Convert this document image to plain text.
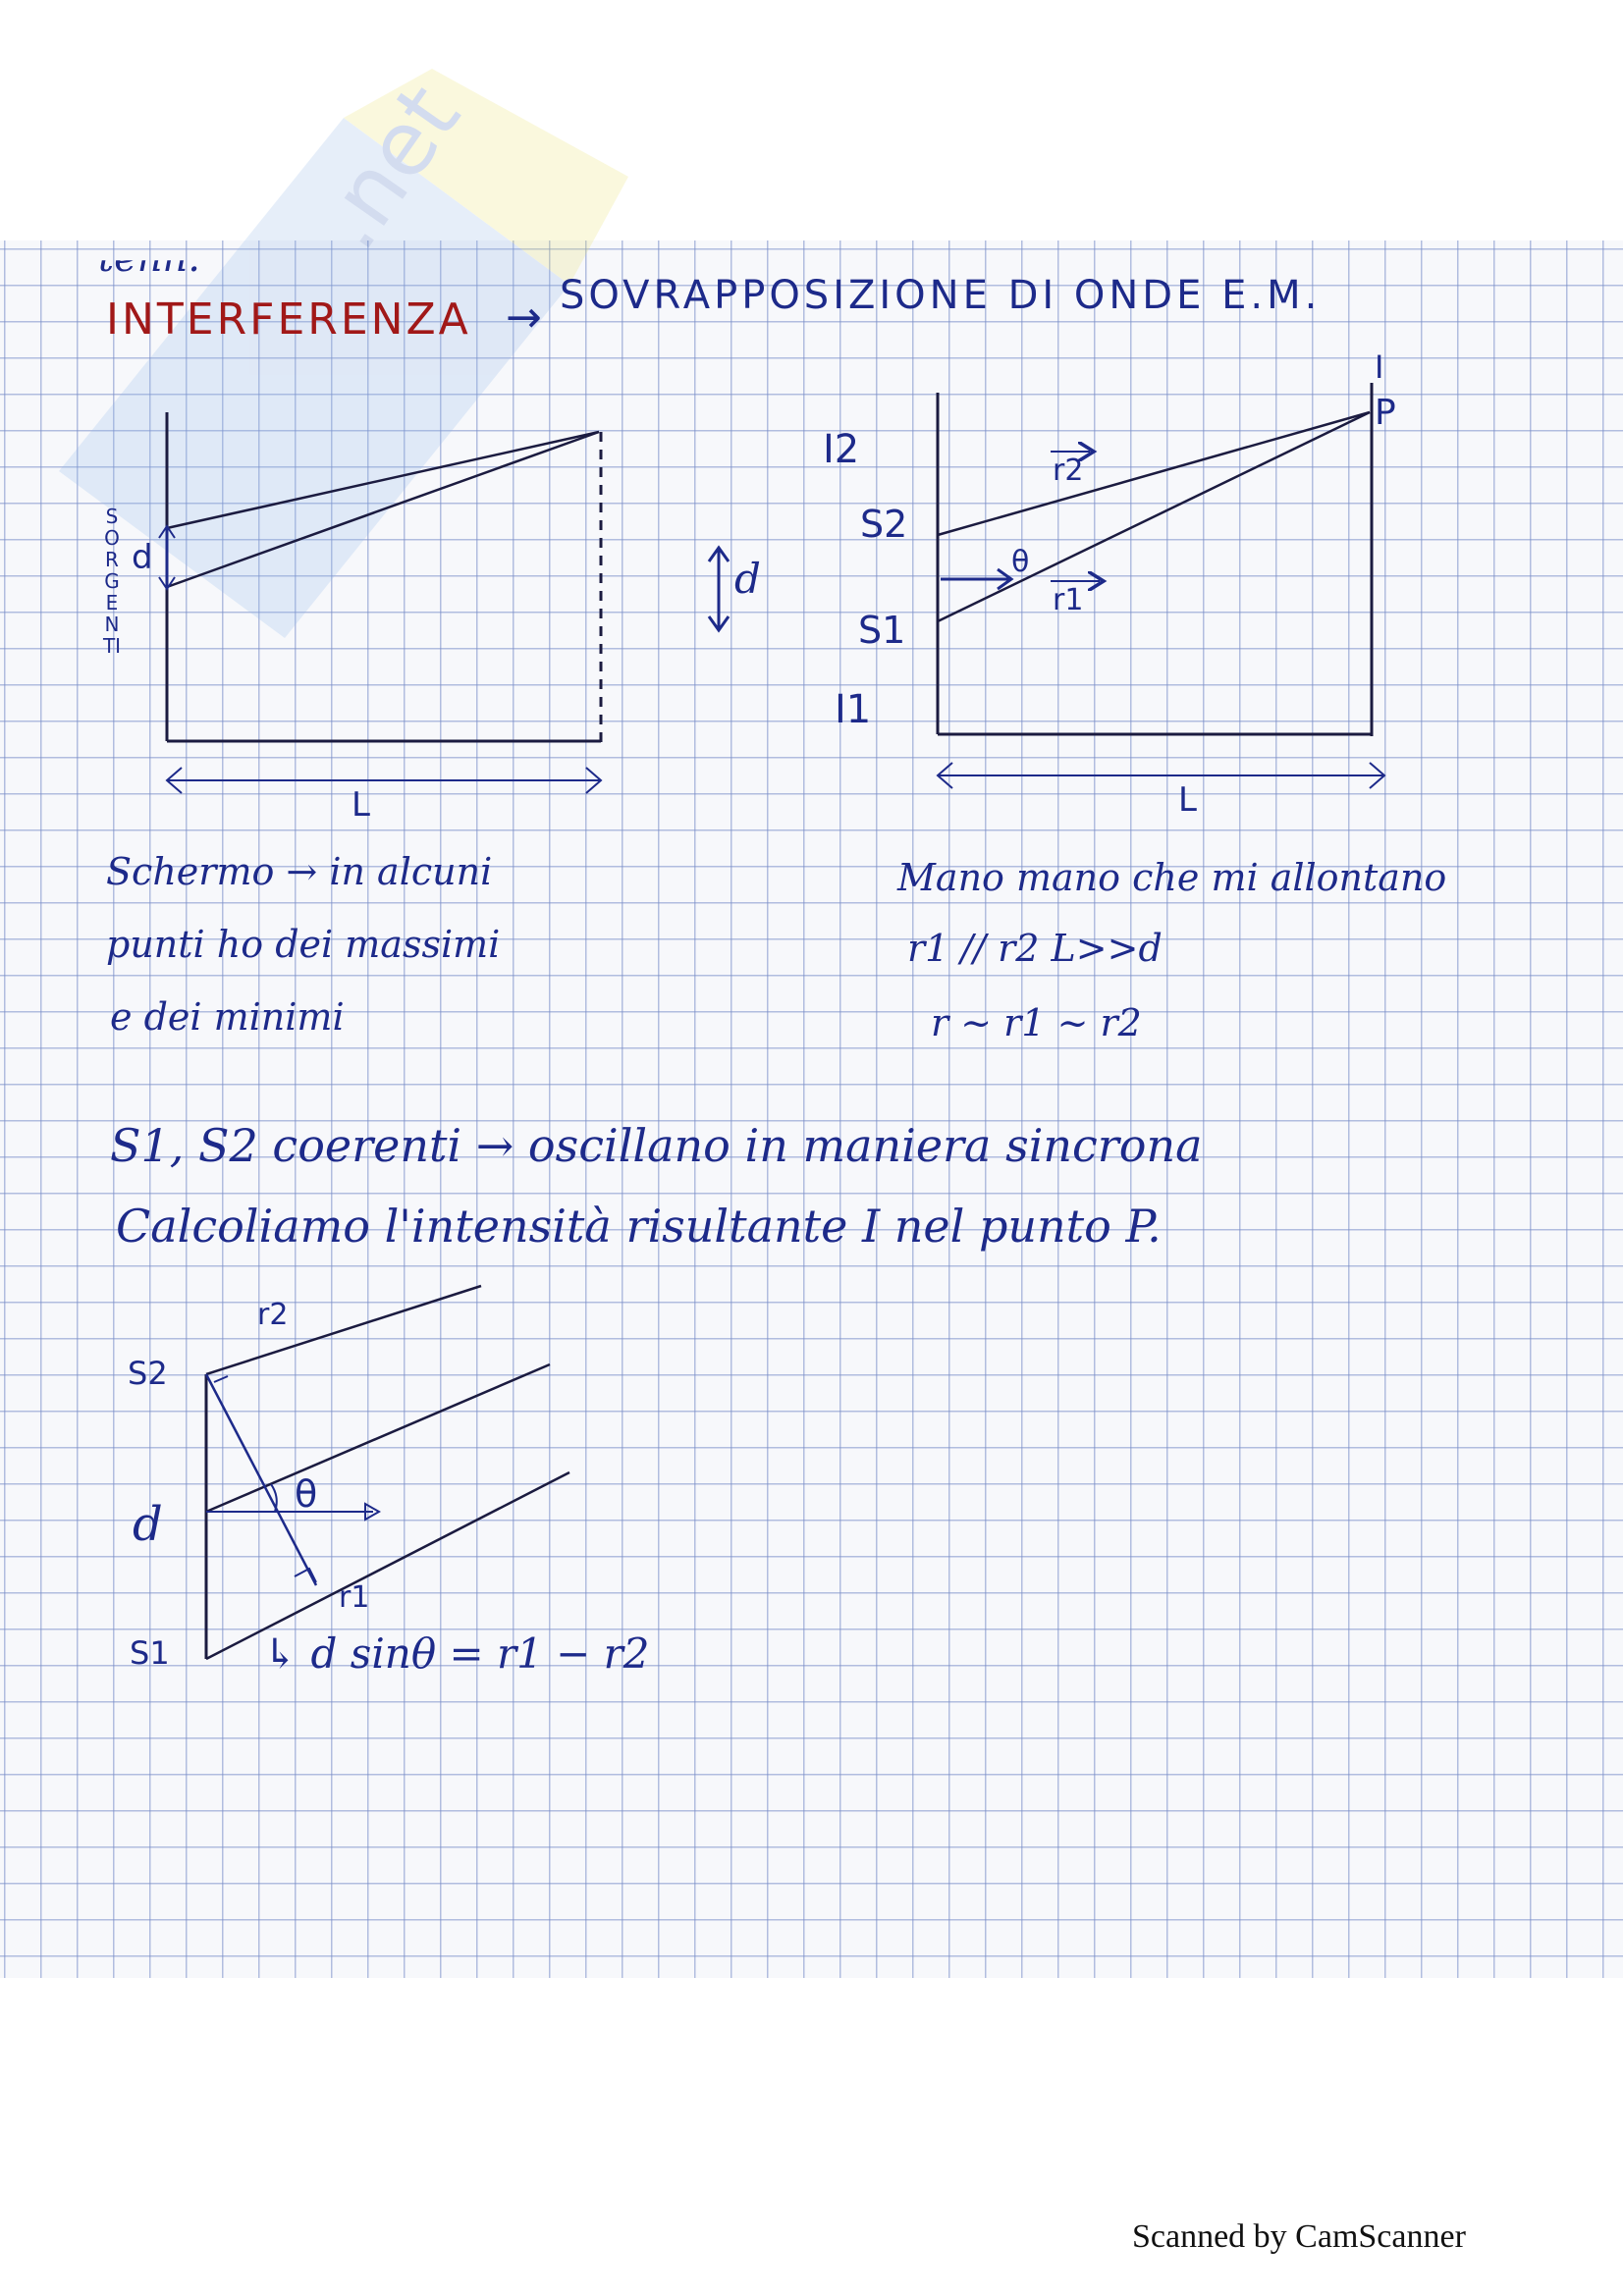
.net
INTERFERENZA → SOVRAPPOSIZIONE DI ONDE E.M.
d
SORGENTI
L
d
I2
S2
S1
I1
r2
r1
θ
I
P
L
Schermo → in alcuni
punti ho dei massimi
e dei minimi
Mano mano che mi allontano
r1 // r2 L>>d
r ~ r1 ~ r2
S1, S2 coerenti → oscillano in maniera sincrona
Calcoliamo l'intensità risultante I nel punto P.
S2
d
S1
r2
r1
θ
↳ d sinθ = r1 − r2
Scanned by CamScanner
